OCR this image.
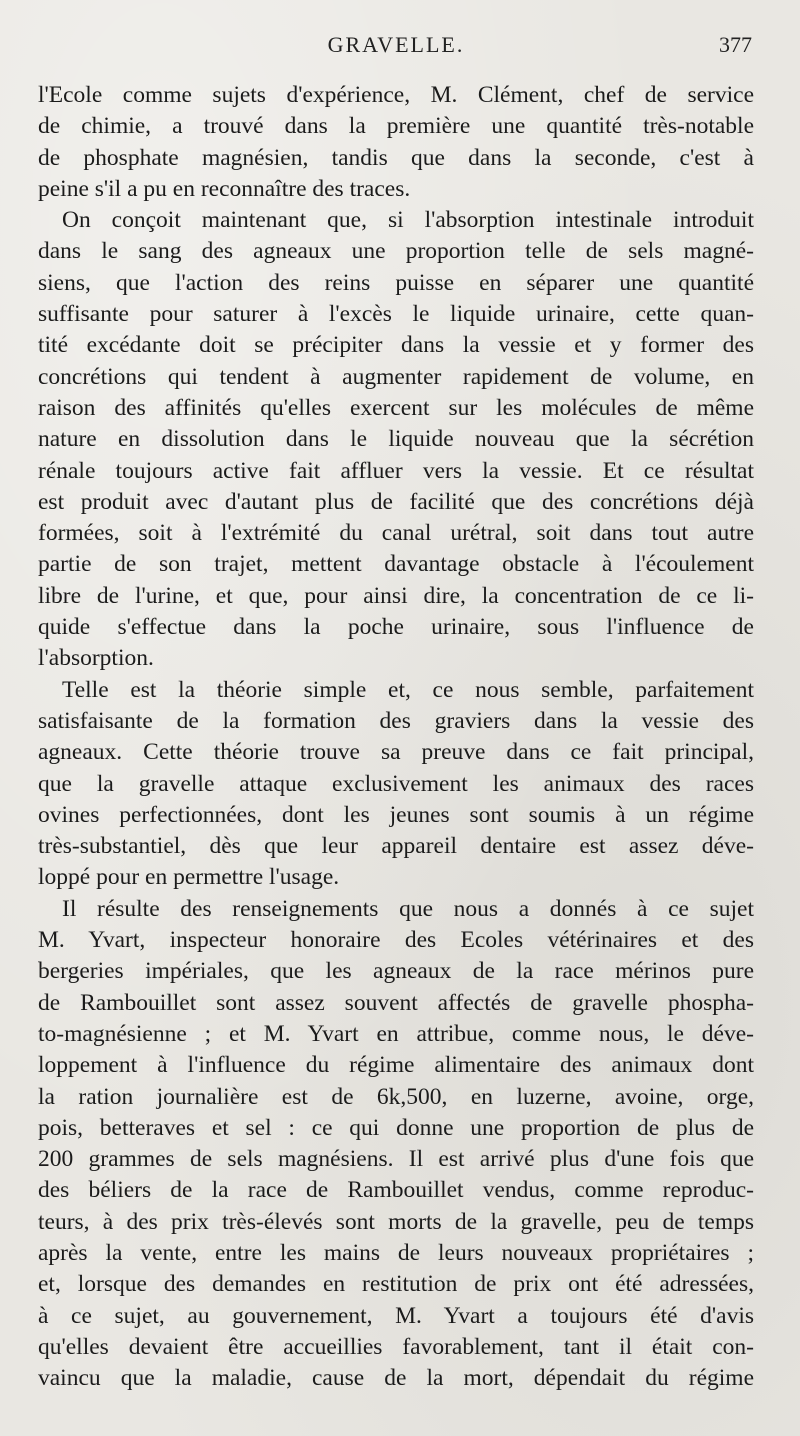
GRAVELLE.	377
l'Ecole comme sujets d'expérience, M. Clément, chef de service
de chimie, a trouvé dans la première une quantité très-notable
de phosphate magnésien, tandis que dans la seconde, c'est à
peine s'il a pu en reconnaître des traces.
On conçoit maintenant que, si l'absorption intestinale introduit
dans le sang des agneaux une proportion telle de sels magné-
siens, que l'action des reins puisse en séparer une quantité
suffisante pour saturer à l'excès le liquide urinaire, cette quan-
tité excédante doit se précipiter dans la vessie et y former des
concrétions qui tendent à augmenter rapidement de volume, en
raison des affinités qu'elles exercent sur les molécules de même
nature en dissolution dans le liquide nouveau que la sécrétion
rénale toujours active fait affluer vers la vessie. Et ce résultat
est produit avec d'autant plus de facilité que des concrétions déjà
formées, soit à l'extrémité du canal urétral, soit dans tout autre
partie de son trajet, mettent davantage obstacle à l'écoulement
libre de l'urine, et que, pour ainsi dire, la concentration de ce li-
quide s'effectue dans la poche urinaire, sous l'influence de
l'absorption.
Telle est la théorie simple et, ce nous semble, parfaitement
satisfaisante de la formation des graviers dans la vessie des
agneaux. Cette théorie trouve sa preuve dans ce fait principal,
que la gravelle attaque exclusivement les animaux des races
ovines perfectionnées, dont les jeunes sont soumis à un régime
très-substantiel, dès que leur appareil dentaire est assez déve-
loppé pour en permettre l'usage.
Il résulte des renseignements que nous a donnés à ce sujet
M. Yvart, inspecteur honoraire des Ecoles vétérinaires et des
bergeries impériales, que les agneaux de la race mérinos pure
de Rambouillet sont assez souvent affectés de gravelle phospha-
to-magnésienne ; et M. Yvart en attribue, comme nous, le déve-
loppement à l'influence du régime alimentaire des animaux dont
la ration journalière est de 6k,500, en luzerne, avoine, orge,
pois, betteraves et sel : ce qui donne une proportion de plus de
200 grammes de sels magnésiens. Il est arrivé plus d'une fois que
des béliers de la race de Rambouillet vendus, comme reproduc-
teurs, à des prix très-élevés sont morts de la gravelle, peu de temps
après la vente, entre les mains de leurs nouveaux propriétaires ;
et, lorsque des demandes en restitution de prix ont été adressées,
à ce sujet, au gouvernement, M. Yvart a toujours été d'avis
qu'elles devaient être accueillies favorablement, tant il était con-
vaincu que la maladie, cause de la mort, dépendait du régime
